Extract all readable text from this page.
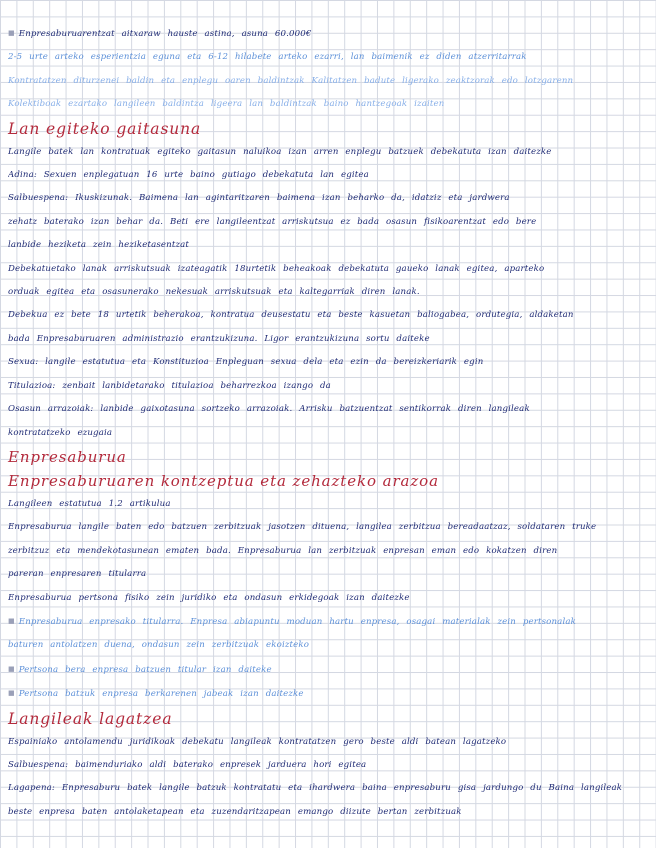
■ Enpresaburuarentzat aitxaraw hauste astina, asuna 60.000€
2-5 urte arteko esperientzia eguna eta 6-12 hilabete arteko ezarri, lan baimenik ez diden atzerritarrak
Kontratatzen diturzenei baldin eta enplegu oaren baldintzak Kalitatzen badute ligerako zeaktzorak edo lotzgarenn
Kolektiboak ezartako langileen baldintza ligeera lan baldintzak baino hantzegoak izaiten
Lan egiteko gaitasuna
Langile batek lan kontratuak egiteko gaitasun naluikoa izan arren enplegu batzuek debekatuta izan daitezke
Adina: Sexuen enplegatuan 16 urte baino gutiago debekatuta lan egitea
Salbuespena: Ikuskizunak. Baimena lan agintaritzaren baimena izan beharko da, idatziz eta jardwera
zehatz baterako izan behar da. Beti ere langileentzat arriskutsua ez bada osasun fisikoarentzat edo bere
lanbide heziketa zein heziketasentzat
Debekatuetako lanak arriskutsuak izateagatik 18urtetik beheakoak debekatuta gaueko lanak egitea, aparteko
orduak egitea eta osasunerako nekesuak arriskutsuak eta kaltegarriak diren lanak.
Debekua ez bete 18 urtetik beherakoa, kontratua deusestatu eta beste kasuetan baliogabea, ordutegia, aldaketan
bada Enpresaburuaren administrazio erantzukizuna. Ligor erantzukizuna sortu daiteke
Sexua: langile estatutua eta Konstituzioa Enpleguan sexua dela eta ezin da bereizkeriarik egin
Titulazioa: zenbait lanbidetarako titulazioa beharrezkoa izango da
Osasun arrazoiak: lanbide gaixotasuna sortzeko arrazoiak. Arrisku batzuentzat sentikorrak diren langileak
kontratatzeko ezugaia
Enpresaburua
Enpresaburuaren kontzeptua eta zehazteko arazoa
Langileen estatutua 1.2 artikulua
Enpresaburua langile baten edo batzuen zerbitzuak jasotzen dituena, langilea zerbitzua bereadaatzaz, soldataren truke
zerbitzuz eta mendekotasunean ematen bada. Enpresaburua lan zerbitzuak enpresan eman edo kokatzen diren
pareran enpresaren titularra
Enpresaburua pertsona fisiko zein juridiko eta ondasun erkidegoak izan daitezke
■ Enpresaburua enpresako titularra. Enpresa abiapuntu moduan hartu enpresa, osagai materialak zein pertsonalak
baturen antolatzen duena, ondasun zein zerbitzuak ekoizteko
■ Pertsona bera enpresa batzuen titular izan daiteke
■ Pertsona batzuk enpresa berkarenen jabeak izan daitezke
Langileak lagatzea
Espainiako antolamendu juridikoak debekatu langileak kontratatzen gero beste aldi batean lagatzeko
Salbuespena: baimenduriako aldi baterako enpresek jarduera hori egitea
Lagapena: Enpresaburu batek langile batzuk kontratatu eta ihardwera baina enpresaburu gisa jardungo du Baina langileak
beste enpresa baten antolaketapean eta zuzendaritzapean emango diizute bertan zerbitzuak
